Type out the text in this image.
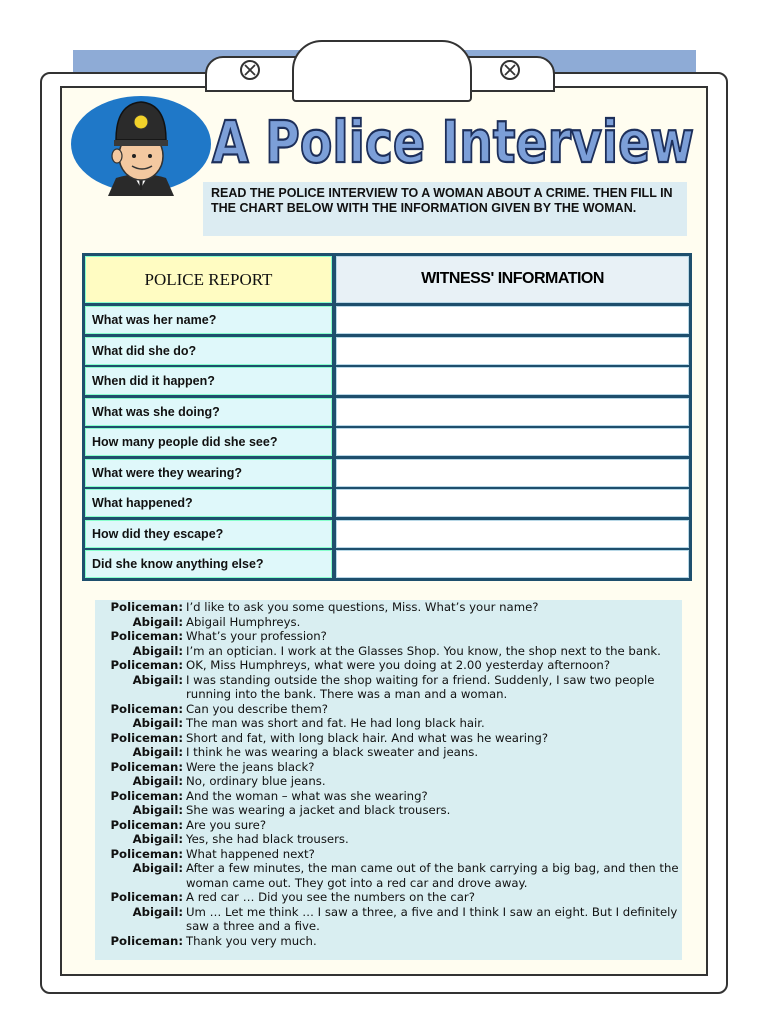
A Police Interview
READ THE POLICE INTERVIEW TO A WOMAN ABOUT A CRIME. THEN FILL IN THE CHART BELOW WITH THE INFORMATION GIVEN BY THE WOMAN.
POLICE REPORT	WITNESS' INFORMATION
What was her name?
What did she do?
When did it happen?
What was she doing?
How many people did she see?
What were they wearing?
What happened?
How did they escape?
Did she know anything else?
Policeman: I’d like to ask you some questions, Miss. What’s your name?
Abigail: Abigail Humphreys.
Policeman: What’s your profession?
Abigail: I’m an optician. I work at the Glasses Shop. You know, the shop next to the bank.
Policeman: OK, Miss Humphreys, what were you doing at 2.00 yesterday afternoon?
Abigail: I was standing outside the shop waiting for a friend. Suddenly, I saw two people running into the bank. There was a man and a woman.
Policeman: Can you describe them?
Abigail: The man was short and fat. He had long black hair.
Policeman: Short and fat, with long black hair. And what was he wearing?
Abigail: I think he was wearing a black sweater and jeans.
Policeman: Were the jeans black?
Abigail: No, ordinary blue jeans.
Policeman: And the woman – what was she wearing?
Abigail: She was wearing a jacket and black trousers.
Policeman: Are you sure?
Abigail: Yes, she had black trousers.
Policeman: What happened next?
Abigail: After a few minutes, the man came out of the bank carrying a big bag, and then the woman came out. They got into a red car and drove away.
Policeman: A red car … Did you see the numbers on the car?
Abigail: Um … Let me think … I saw a three, a five and I think I saw an eight. But I definitely saw a three and a five.
Policeman: Thank you very much.
